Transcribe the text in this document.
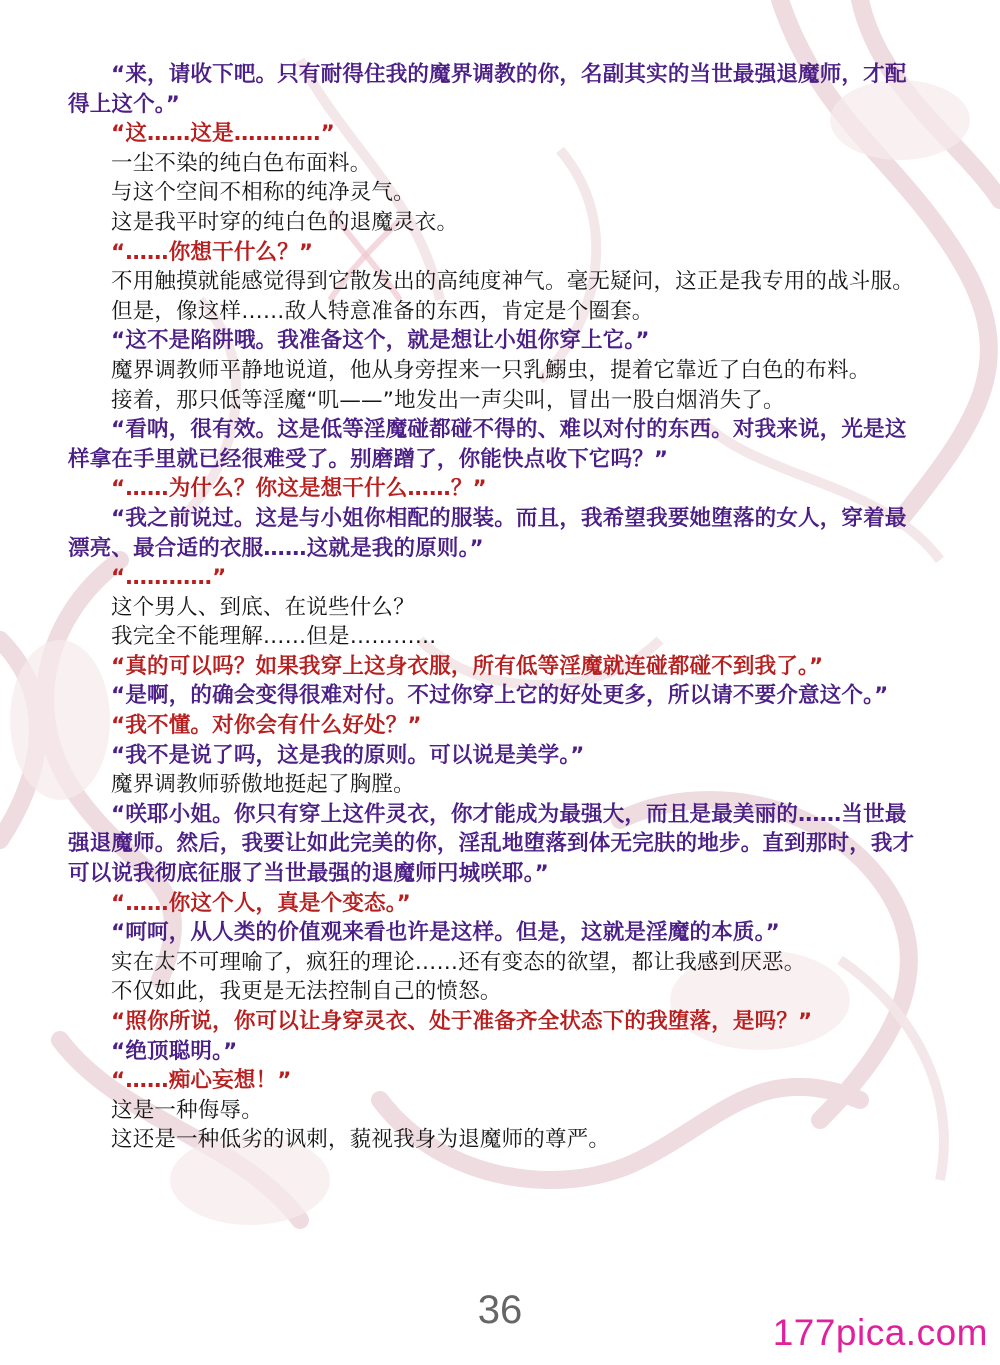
“来，请收下吧。只有耐得住我的魔界调教的你，名副其实的当世最强退魔师，才配得上这个。”

“这……这是…………”

一尘不染的纯白色布面料。

与这个空间不相称的纯净灵气。

这是我平时穿的纯白色的退魔灵衣。

“……你想干什么？”

不用触摸就能感觉得到它散发出的高纯度神气。毫无疑问，这正是我专用的战斗服。

但是，像这样……敌人特意准备的东西，肯定是个圈套。

“这不是陷阱哦。我准备这个，就是想让小姐你穿上它。”

魔界调教师平静地说道，他从身旁捏来一只乳鰯虫，提着它靠近了白色的布料。

接着，那只低等淫魔“叽——”地发出一声尖叫，冒出一股白烟消失了。

“看呐，很有效。这是低等淫魔碰都碰不得的、难以对付的东西。对我来说，光是这样拿在手里就已经很难受了。别磨蹭了，你能快点收下它吗？”

“……为什么？你这是想干什么……？”

“我之前说过。这是与小姐你相配的服装。而且，我希望我要她堕落的女人，穿着最漂亮、最合适的衣服……这就是我的原则。”

“…………”

这个男人、到底、在说些什么？

我完全不能理解……但是…………

“真的可以吗？如果我穿上这身衣服，所有低等淫魔就连碰都碰不到我了。”

“是啊，的确会变得很难对付。不过你穿上它的好处更多，所以请不要介意这个。”

“我不懂。对你会有什么好处？”

“我不是说了吗，这是我的原则。可以说是美学。”

魔界调教师骄傲地挺起了胸膛。

“咲耶小姐。你只有穿上这件灵衣，你才能成为最强大，而且是最美丽的……当世最强退魔师。然后，我要让如此完美的你，淫乱地堕落到体无完肤的地步。直到那时，我才可以说我彻底征服了当世最强的退魔师円城咲耶。”

“……你这个人，真是个变态。”

“呵呵，从人类的价值观来看也许是这样。但是，这就是淫魔的本质。”

实在太不可理喻了，疯狂的理论……还有变态的欲望，都让我感到厌恶。

不仅如此，我更是无法控制自己的愤怒。

“照你所说，你可以让身穿灵衣、处于准备齐全状态下的我堕落，是吗？”

“绝顶聪明。”

“……痴心妄想！”

这是一种侮辱。

这还是一种低劣的讽刺，藐视我身为退魔师的尊严。

36
177pica.com
